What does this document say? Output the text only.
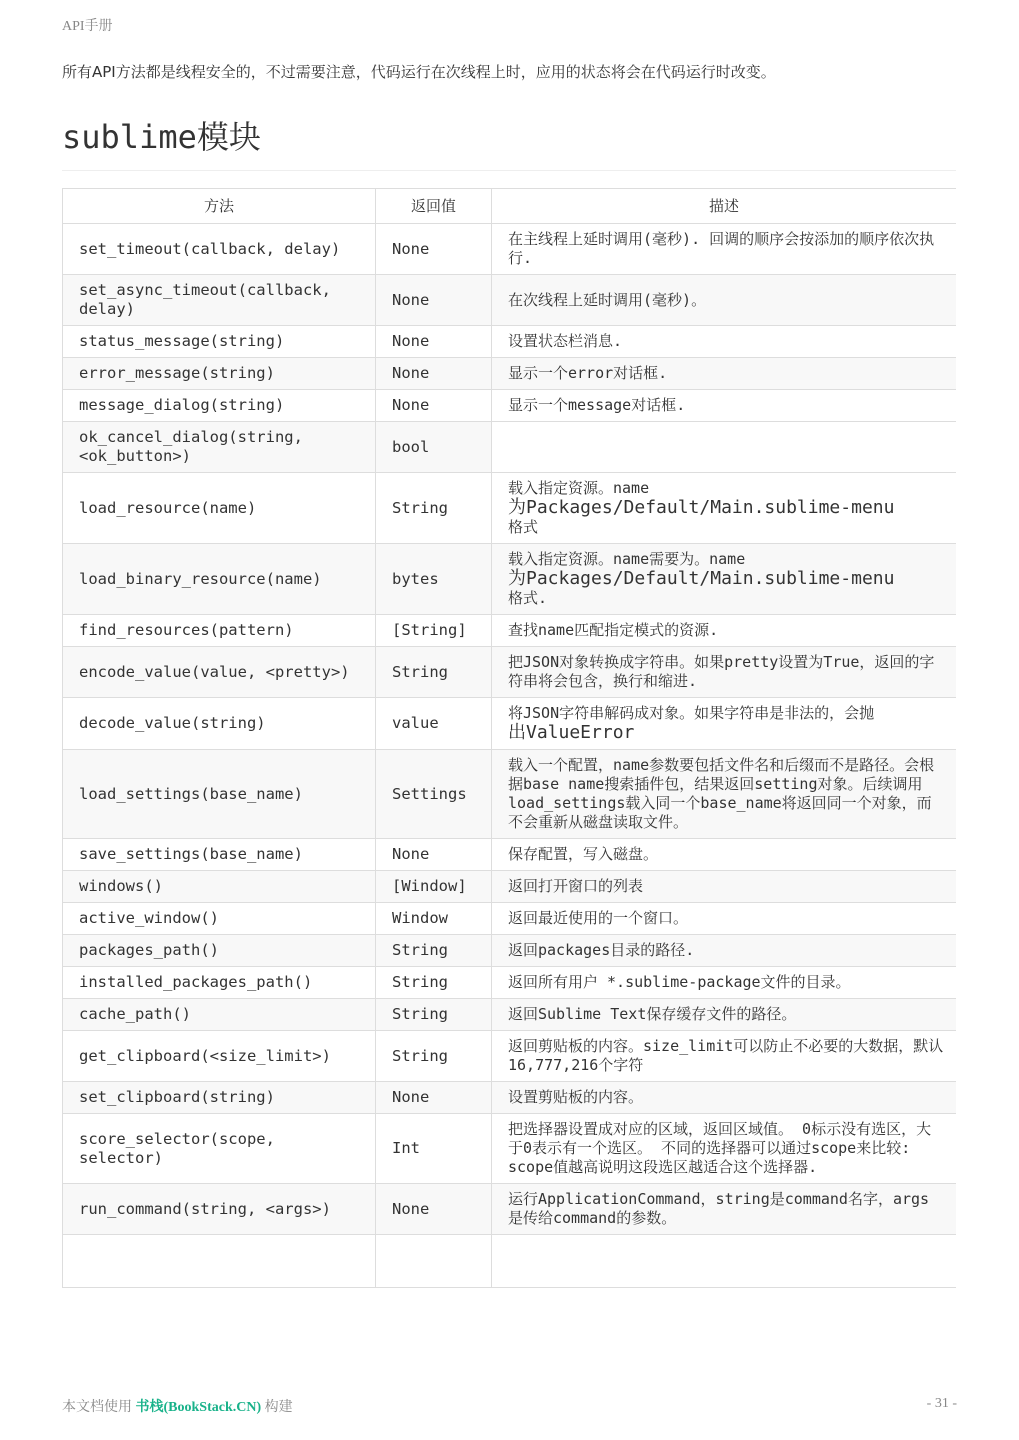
API手册
所有API方法都是线程安全的，不过需要注意，代码运行在次线程上时，应用的状态将会在代码运行时改变。
sublime模块
方法	返回值	描述
set_timeout(callback, delay)	None	在主线程上延时调用(毫秒). 回调的顺序会按添加的顺序依次执行.
set_async_timeout(callback, delay)	None	在次线程上延时调用(毫秒)。
status_message(string)	None	设置状态栏消息.
error_message(string)	None	显示一个error对话框.
message_dialog(string)	None	显示一个message对话框.
ok_cancel_dialog(string, <ok_button>)	bool	
load_resource(name)	String	载入指定资源。name
为Packages/Default/Main.sublime-menu
格式
load_binary_resource(name)	bytes	载入指定资源。name需要为。name
为Packages/Default/Main.sublime-menu
格式.
find_resources(pattern)	[String]	查找name匹配指定模式的资源.
encode_value(value, <pretty>)	String	把JSON对象转换成字符串。如果pretty设置为True，返回的字符串将会包含，换行和缩进.
decode_value(string)	value	将JSON字符串解码成对象。如果字符串是非法的，会抛
出ValueError
load_settings(base_name)	Settings	载入一个配置，name参数要包括文件名和后缀而不是路径。会根据base name搜索插件包，结果返回setting对象。后续调用load_settings载入同一个base_name将返回同一个对象，而不会重新从磁盘读取文件。
save_settings(base_name)	None	保存配置，写入磁盘。
windows()	[Window]	返回打开窗口的列表
active_window()	Window	返回最近使用的一个窗口。
packages_path()	String	返回packages目录的路径.
installed_packages_path()	String	返回所有用户 *.sublime-package文件的目录。
cache_path()	String	返回Sublime Text保存缓存文件的路径。
get_clipboard(<size_limit>)	String	返回剪贴板的内容。size_limit可以防止不必要的大数据，默认16,777,216个字符
set_clipboard(string)	None	设置剪贴板的内容。
score_selector(scope, selector)	Int	把选择器设置成对应的区域，返回区域值。 0标示没有选区，大于0表示有一个选区。 不同的选择器可以通过scope来比较: scope值越高说明这段选区越适合这个选择器.
run_command(string, <args>)	None	运行ApplicationCommand，string是command名字，args是传给command的参数。

本文档使用 书栈(BookStack.CN) 构建	- 31 -
